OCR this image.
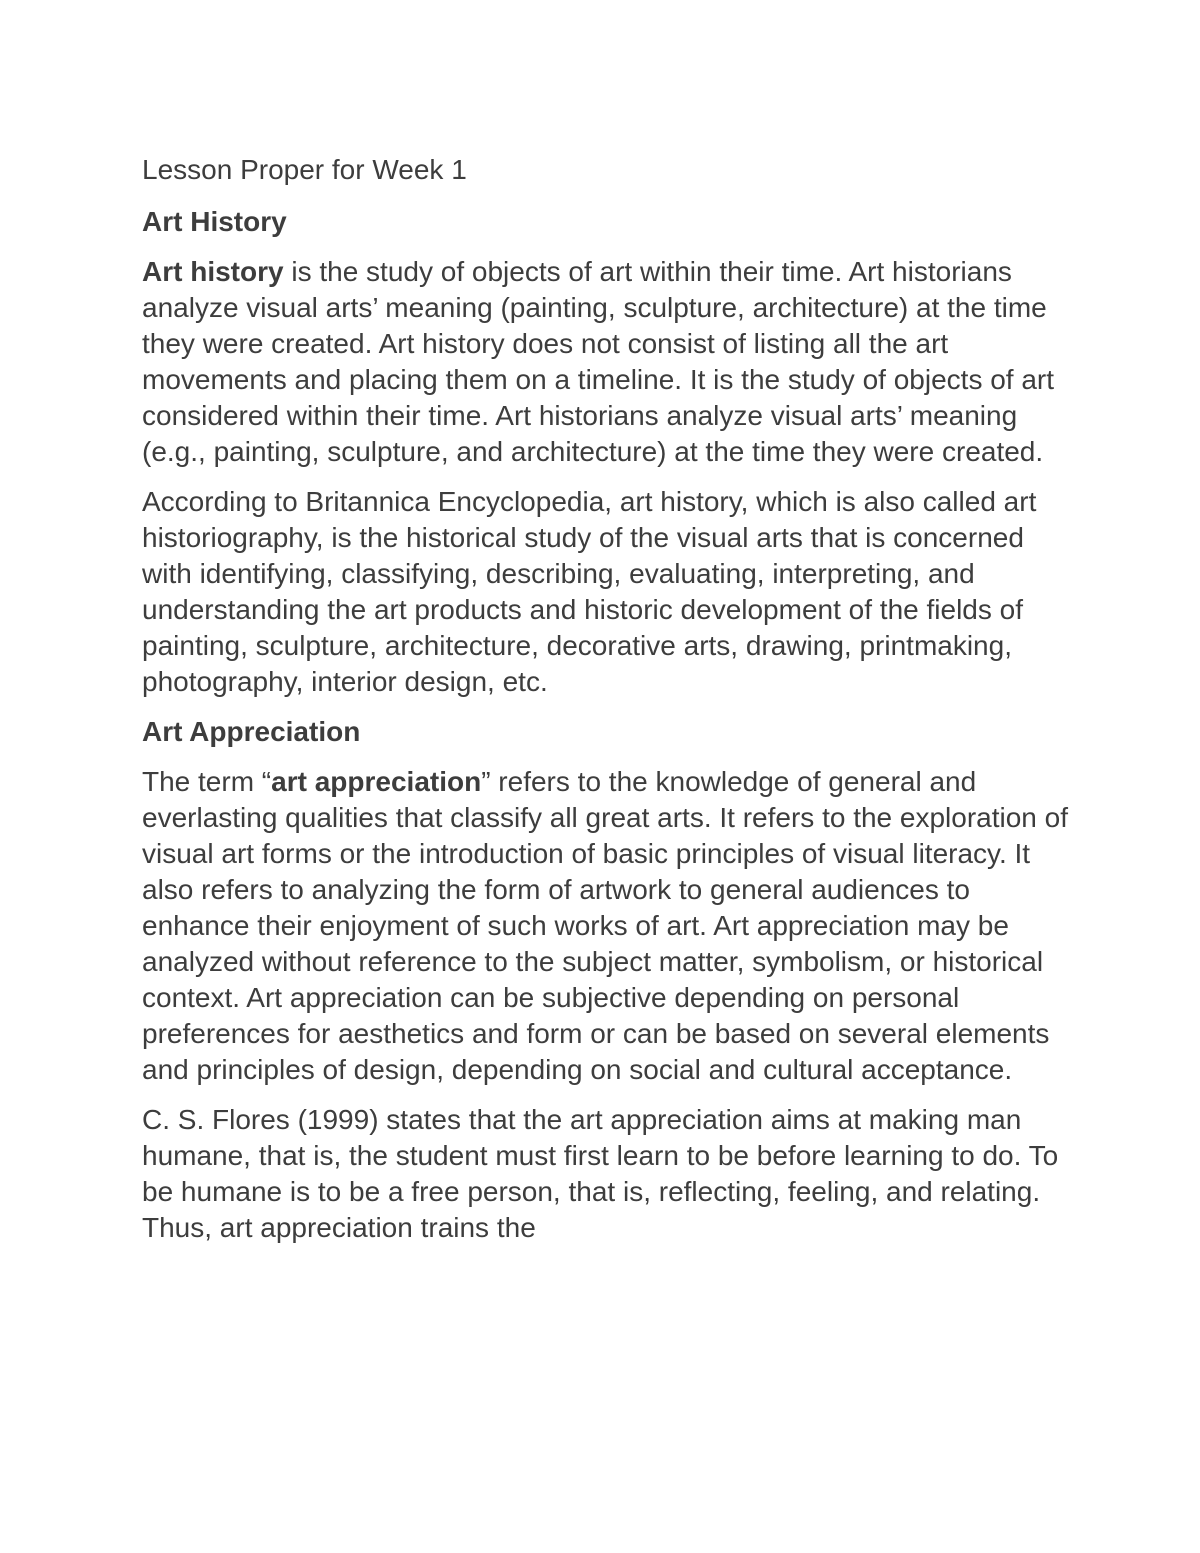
Lesson Proper for Week 1
Art History

Art history is the study of objects of art within their time. Art historians analyze visual arts’ meaning (painting, sculpture, architecture) at the time they were created. Art history does not consist of listing all the art movements and placing them on a timeline. It is the study of objects of art considered within their time. Art historians analyze visual arts’ meaning (e.g., painting, sculpture, and architecture) at the time they were created.

According to Britannica Encyclopedia, art history, which is also called art historiography, is the historical study of the visual arts that is concerned with identifying, classifying, describing, evaluating, interpreting, and understanding the art products and historic development of the fields of painting, sculpture, architecture, decorative arts, drawing, printmaking, photography, interior design, etc.

Art Appreciation

The term “art appreciation” refers to the knowledge of general and everlasting qualities that classify all great arts. It refers to the exploration of visual art forms or the introduction of basic principles of visual literacy. It also refers to analyzing the form of artwork to general audiences to enhance their enjoyment of such works of art. Art appreciation may be analyzed without reference to the subject matter, symbolism, or historical context. Art appreciation can be subjective depending on personal preferences for aesthetics and form or can be based on several elements and principles of design, depending on social and cultural acceptance.

C. S. Flores (1999) states that the art appreciation aims at making man humane, that is, the student must first learn to be before learning to do. To be humane is to be a free person, that is, reflecting, feeling, and relating. Thus, art appreciation trains the
